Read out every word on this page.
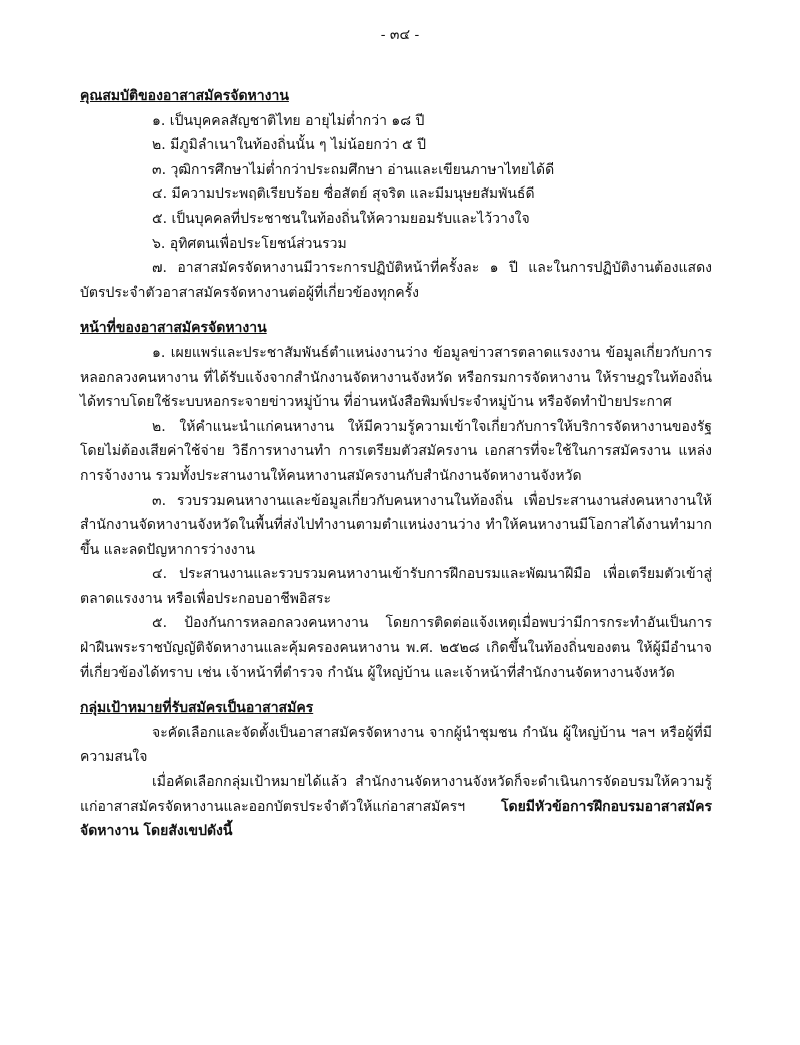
- ๓๔ -

คุณสมบัติของอาสาสมัครจัดหางาน

๑. เป็นบุคคลสัญชาติไทย อายุไม่ต่ำกว่า ๑๘ ปี

๒. มีภูมิลำเนาในท้องถิ่นนั้น ๆ ไม่น้อยกว่า ๕ ปี

๓. วุฒิการศึกษาไม่ต่ำกว่าประถมศึกษา อ่านและเขียนภาษาไทยได้ดี

๔. มีความประพฤติเรียบร้อย ซื่อสัตย์ สุจริต และมีมนุษยสัมพันธ์ดี

๕. เป็นบุคคลที่ประชาชนในท้องถิ่นให้ความยอมรับและไว้วางใจ

๖. อุทิศตนเพื่อประโยชน์ส่วนรวม

๗. อาสาสมัครจัดหางานมีวาระการปฏิบัติหน้าที่ครั้งละ ๑ ปี และในการปฏิบัติงานต้องแสดงบัตรประจำตัวอาสาสมัครจัดหางานต่อผู้ที่เกี่ยวข้องทุกครั้ง

หน้าที่ของอาสาสมัครจัดหางาน

๑. เผยแพร่และประชาสัมพันธ์ตำแหน่งงานว่าง ข้อมูลข่าวสารตลาดแรงงาน ข้อมูลเกี่ยวกับการหลอกลวงคนหางาน ที่ได้รับแจ้งจากสำนักงานจัดหางานจังหวัด หรือกรมการจัดหางาน ให้ราษฎรในท้องถิ่นได้ทราบโดยใช้ระบบหอกระจายข่าวหมู่บ้าน ที่อ่านหนังสือพิมพ์ประจำหมู่บ้าน หรือจัดทำป้ายประกาศ

๒. ให้คำแนะนำแก่คนหางาน ให้มีความรู้ความเข้าใจเกี่ยวกับการให้บริการจัดหางานของรัฐโดยไม่ต้องเสียค่าใช้จ่าย วิธีการหางานทำ การเตรียมตัวสมัครงาน เอกสารที่จะใช้ในการสมัครงาน แหล่งการจ้างงาน รวมทั้งประสานงานให้คนหางานสมัครงานกับสำนักงานจัดหางานจังหวัด

๓. รวบรวมคนหางานและข้อมูลเกี่ยวกับคนหางานในท้องถิ่น เพื่อประสานงานส่งคนหางานให้สำนักงานจัดหางานจังหวัดในพื้นที่ส่งไปทำงานตามตำแหน่งงานว่าง ทำให้คนหางานมีโอกาสได้งานทำมากขึ้น และลดปัญหาการว่างงาน

๔. ประสานงานและรวบรวมคนหางานเข้ารับการฝึกอบรมและพัฒนาฝีมือ เพื่อเตรียมตัวเข้าสู่ตลาดแรงงาน หรือเพื่อประกอบอาชีพอิสระ

๕. ป้องกันการหลอกลวงคนหางาน โดยการติดต่อแจ้งเหตุเมื่อพบว่ามีการกระทำอันเป็นการฝ่าฝืนพระราชบัญญัติจัดหางานและคุ้มครองคนหางาน พ.ศ. ๒๕๒๘ เกิดขึ้นในท้องถิ่นของตน ให้ผู้มีอำนาจที่เกี่ยวข้องได้ทราบ เช่น เจ้าหน้าที่ตำรวจ กำนัน ผู้ใหญ่บ้าน และเจ้าหน้าที่สำนักงานจัดหางานจังหวัด

กลุ่มเป้าหมายที่รับสมัครเป็นอาสาสมัคร

จะคัดเลือกและจัดตั้งเป็นอาสาสมัครจัดหางาน จากผู้นำชุมชน กำนัน ผู้ใหญ่บ้าน ฯลฯ หรือผู้ที่มีความสนใจ

เมื่อคัดเลือกกลุ่มเป้าหมายได้แล้ว สำนักงานจัดหางานจังหวัดก็จะดำเนินการจัดอบรมให้ความรู้แก่อาสาสมัครจัดหางานและออกบัตรประจำตัวให้แก่อาสาสมัครฯ โดยมีหัวข้อการฝึกอบรมอาสาสมัครจัดหางาน โดยสังเขปดังนี้
